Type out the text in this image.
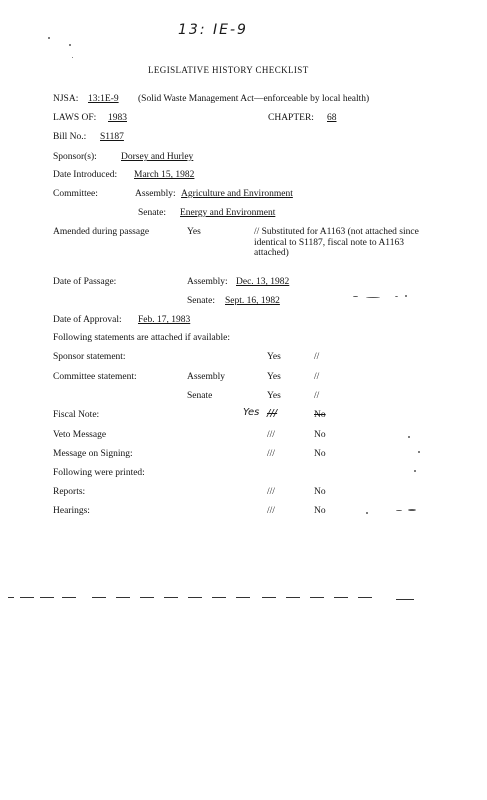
13: IE-9
LEGISLATIVE HISTORY CHECKLIST
NJSA: 13:1E-9 (Solid Waste Management Act—enforceable by local health)
LAWS OF: 1983	CHAPTER: 68
Bill No.: S1187
Sponsor(s):	Dorsey and Hurley
Date Introduced: March 15, 1982
Committee:	Assembly: Agriculture and Environment
Senate: Energy and Environment
Amended during passage	Yes	// Substituted for A1163 (not attached since identical to S1187, fiscal note to A1163 attached)
Date of Passage:	Assembly: Dec. 13, 1982
Senate: Sept. 16, 1982
Date of Approval: Feb. 17, 1983
Following statements are attached if available:
Sponsor statement:	Yes	//
Committee statement:	Assembly	Yes	//
Senate	Yes	//
Fiscal Note:	Yes ///	No
Veto Message	///	No
Message on Signing:	///	No
Following were printed:
Reports:	///	No
Hearings:	///	No
